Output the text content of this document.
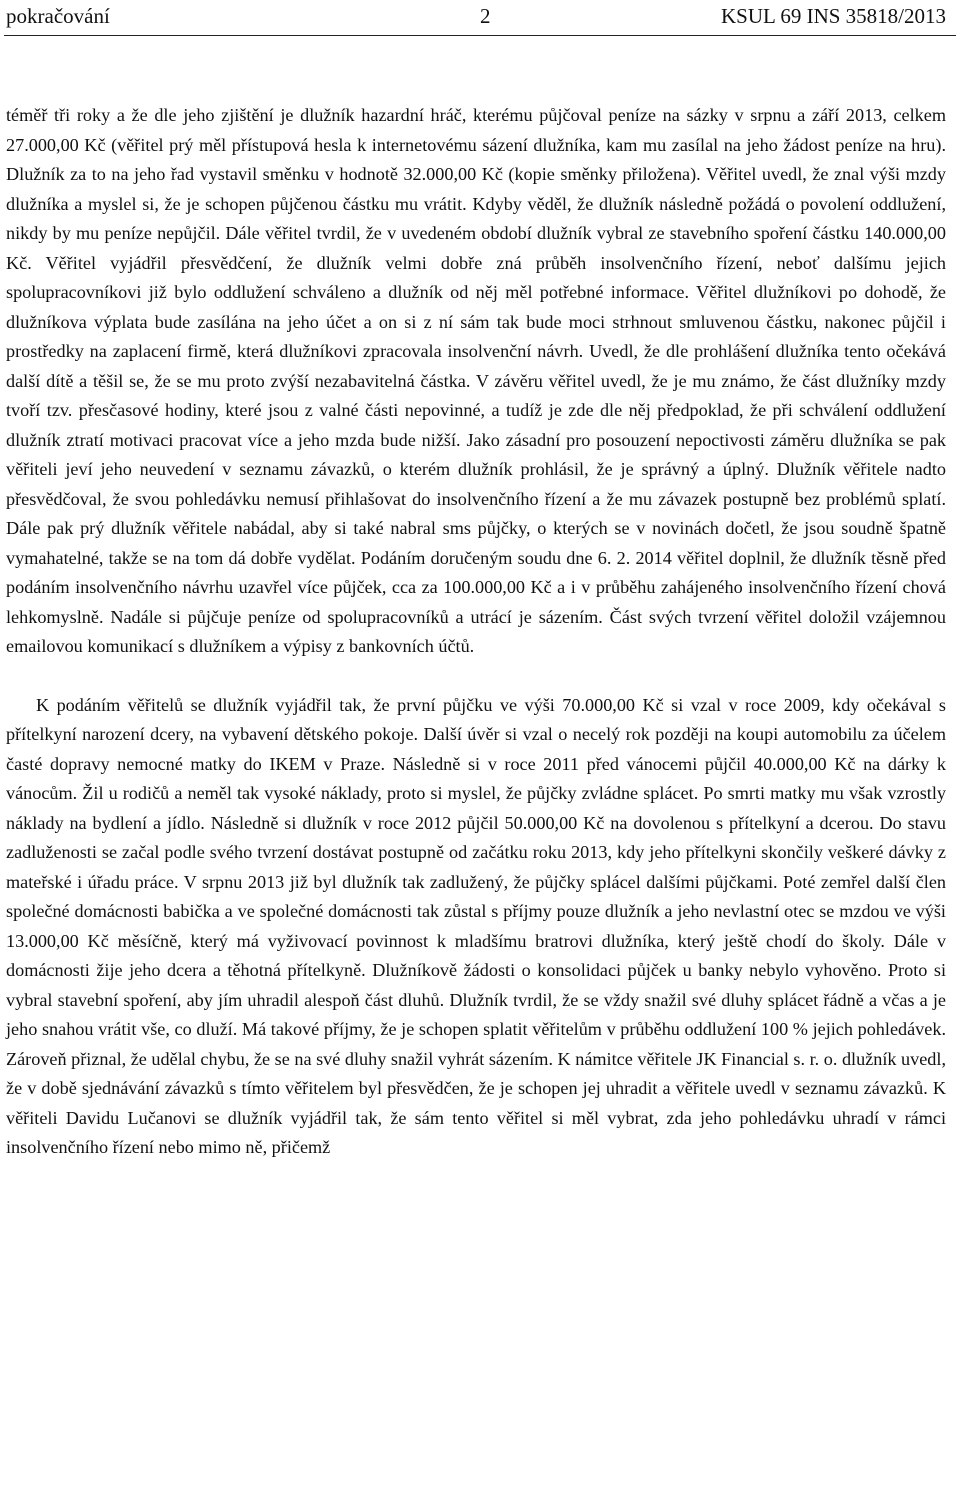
pokračování	2	KSUL 69 INS 35818/2013

téměř tři roky a že dle jeho zjištění je dlužník hazardní hráč, kterému půjčoval peníze na sázky v srpnu a září 2013, celkem 27.000,00 Kč (věřitel prý měl přístupová hesla k internetovému sázení dlužníka, kam mu zasílal na jeho žádost peníze na hru). Dlužník za to na jeho řad vystavil směnku v hodnotě 32.000,00 Kč (kopie směnky přiložena). Věřitel uvedl, že znal výši mzdy dlužníka a myslel si, že je schopen půjčenou částku mu vrátit. Kdyby věděl, že dlužník následně požádá o povolení oddlužení, nikdy by mu peníze nepůjčil. Dále věřitel tvrdil, že v uvedeném období dlužník vybral ze stavebního spoření částku 140.000,00 Kč. Věřitel vyjádřil přesvědčení, že dlužník velmi dobře zná průběh insolvenčního řízení, neboť dalšímu jejich spolupracovníkovi již bylo oddlužení schváleno a dlužník od něj měl potřebné informace. Věřitel dlužníkovi po dohodě, že dlužníkova výplata bude zasílána na jeho účet a on si z ní sám tak bude moci strhnout smluvenou částku, nakonec půjčil i prostředky na zaplacení firmě, která dlužníkovi zpracovala insolvenční návrh. Uvedl, že dle prohlášení dlužníka tento očekává další dítě a těšil se, že se mu proto zvýší nezabavitelná částka. V závěru věřitel uvedl, že je mu známo, že část dlužníky mzdy tvoří tzv. přesčasové hodiny, které jsou z valné části nepovinné, a tudíž je zde dle něj předpoklad, že při schválení oddlužení dlužník ztratí motivaci pracovat více a jeho mzda bude nižší. Jako zásadní pro posouzení nepoctivosti záměru dlužníka se pak věřiteli jeví jeho neuvedení v seznamu závazků, o kterém dlužník prohlásil, že je správný a úplný. Dlužník věřitele nadto přesvědčoval, že svou pohledávku nemusí přihlašovat do insolvenčního řízení a že mu závazek postupně bez problémů splatí. Dále pak prý dlužník věřitele nabádal, aby si také nabral sms půjčky, o kterých se v novinách dočetl, že jsou soudně špatně vymahatelné, takže se na tom dá dobře vydělat. Podáním doručeným soudu dne 6. 2. 2014 věřitel doplnil, že dlužník těsně před podáním insolvenčního návrhu uzavřel více půjček, cca za 100.000,00 Kč a i v průběhu zahájeného insolvenčního řízení chová lehkomyslně. Nadále si půjčuje peníze od spolupracovníků a utrácí je sázením. Část svých tvrzení věřitel doložil vzájemnou emailovou komunikací s dlužníkem a výpisy z bankovních účtů.

K podáním věřitelů se dlužník vyjádřil tak, že první půjčku ve výši 70.000,00 Kč si vzal v roce 2009, kdy očekával s přítelkyní narození dcery, na vybavení dětského pokoje. Další úvěr si vzal o necelý rok později na koupi automobilu za účelem časté dopravy nemocné matky do IKEM v Praze. Následně si v roce 2011 před vánocemi půjčil 40.000,00 Kč na dárky k vánocům. Žil u rodičů a neměl tak vysoké náklady, proto si myslel, že půjčky zvládne splácet. Po smrti matky mu však vzrostly náklady na bydlení a jídlo. Následně si dlužník v roce 2012 půjčil 50.000,00 Kč na dovolenou s přítelkyní a dcerou. Do stavu zadluženosti se začal podle svého tvrzení dostávat postupně od začátku roku 2013, kdy jeho přítelkyni skončily veškeré dávky z mateřské i úřadu práce. V srpnu 2013 již byl dlužník tak zadlužený, že půjčky splácel dalšími půjčkami. Poté zemřel další člen společné domácnosti babička a ve společné domácnosti tak zůstal s příjmy pouze dlužník a jeho nevlastní otec se mzdou ve výši 13.000,00 Kč měsíčně, který má vyživovací povinnost k mladšímu bratrovi dlužníka, který ještě chodí do školy. Dále v domácnosti žije jeho dcera a těhotná přítelkyně. Dlužníkově žádosti o konsolidaci půjček u banky nebylo vyhověno. Proto si vybral stavební spoření, aby jím uhradil alespoň část dluhů. Dlužník tvrdil, že se vždy snažil své dluhy splácet řádně a včas a je jeho snahou vrátit vše, co dluží. Má takové příjmy, že je schopen splatit věřitelům v průběhu oddlužení 100 % jejich pohledávek. Zároveň přiznal, že udělal chybu, že se na své dluhy snažil vyhrát sázením. K námitce věřitele JK Financial s. r. o. dlužník uvedl, že v době sjednávání závazků s tímto věřitelem byl přesvědčen, že je schopen jej uhradit a věřitele uvedl v seznamu závazků. K věřiteli Davidu Lučanovi se dlužník vyjádřil tak, že sám tento věřitel si měl vybrat, zda jeho pohledávku uhradí v rámci insolvenčního řízení nebo mimo ně, přičemž
